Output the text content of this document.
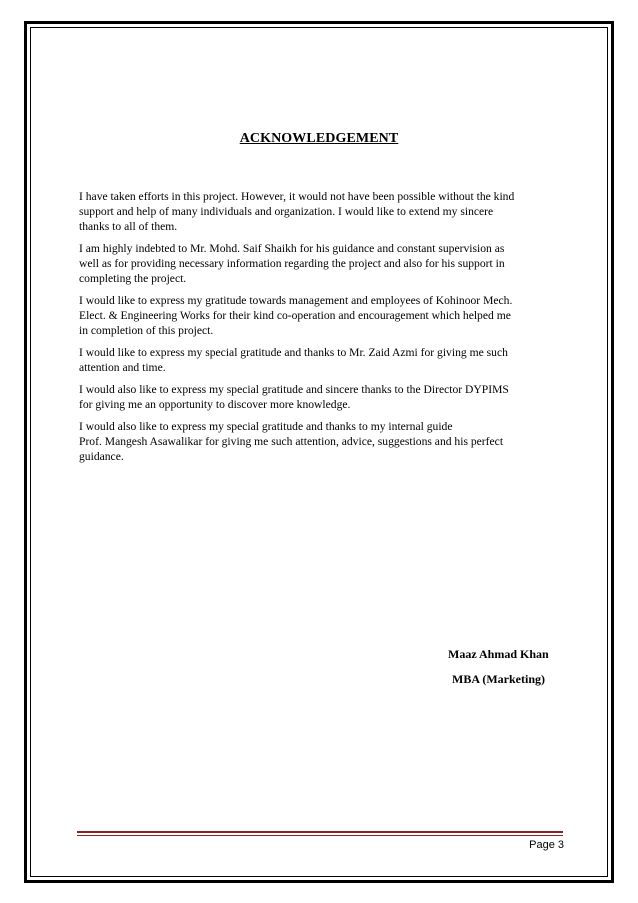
ACKNOWLEDGEMENT

I have taken efforts in this project. However, it would not have been possible without the kind
support and help of many individuals and organization. I would like to extend my sincere
thanks to all of them.

I am highly indebted to Mr. Mohd. Saif Shaikh for his guidance and constant supervision as
well as for providing necessary information regarding the project and also for his support in
completing the project.

I would like to express my gratitude towards management and employees of Kohinoor Mech.
Elect. & Engineering Works for their kind co-operation and encouragement which helped me
in completion of this project.

I would like to express my special gratitude and thanks to Mr. Zaid Azmi for giving me such
attention and time.

I would also like to express my special gratitude and sincere thanks to the Director DYPIMS
for giving me an opportunity to discover more knowledge.

I would also like to express my special gratitude and thanks to my internal guide
Prof. Mangesh Asawalikar for giving me such attention, advice, suggestions and his perfect
guidance.

Maaz Ahmad Khan
MBA (Marketing)
Page 3
